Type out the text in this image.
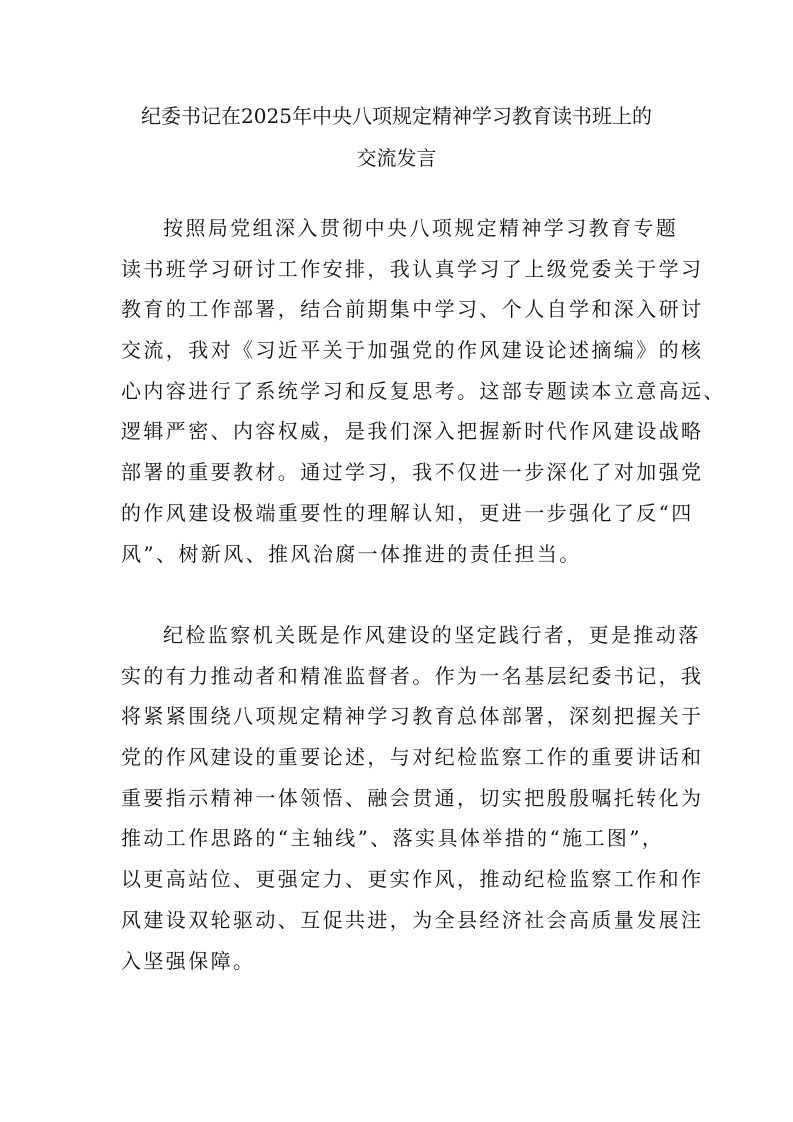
纪委书记在2025年中央八项规定精神学习教育读书班上的
交流发言
按照局党组深入贯彻中央八项规定精神学习教育专题
读书班学习研讨工作安排，我认真学习了上级党委关于学习
教育的工作部署，结合前期集中学习、个人自学和深入研讨
交流，我对《习近平关于加强党的作风建设论述摘编》的核
心内容进行了系统学习和反复思考。这部专题读本立意高远、
逻辑严密、内容权威，是我们深入把握新时代作风建设战略
部署的重要教材。通过学习，我不仅进一步深化了对加强党
的作风建设极端重要性的理解认知，更进一步强化了反“四
风”、树新风、推风治腐一体推进的责任担当。
纪检监察机关既是作风建设的坚定践行者，更是推动落
实的有力推动者和精准监督者。作为一名基层纪委书记，我
将紧紧围绕八项规定精神学习教育总体部署，深刻把握关于
党的作风建设的重要论述，与对纪检监察工作的重要讲话和
重要指示精神一体领悟、融会贯通，切实把殷殷嘱托转化为
推动工作思路的“主轴线”、落实具体举措的“施工图”，
以更高站位、更强定力、更实作风，推动纪检监察工作和作
风建设双轮驱动、互促共进，为全县经济社会高质量发展注
入坚强保障。
